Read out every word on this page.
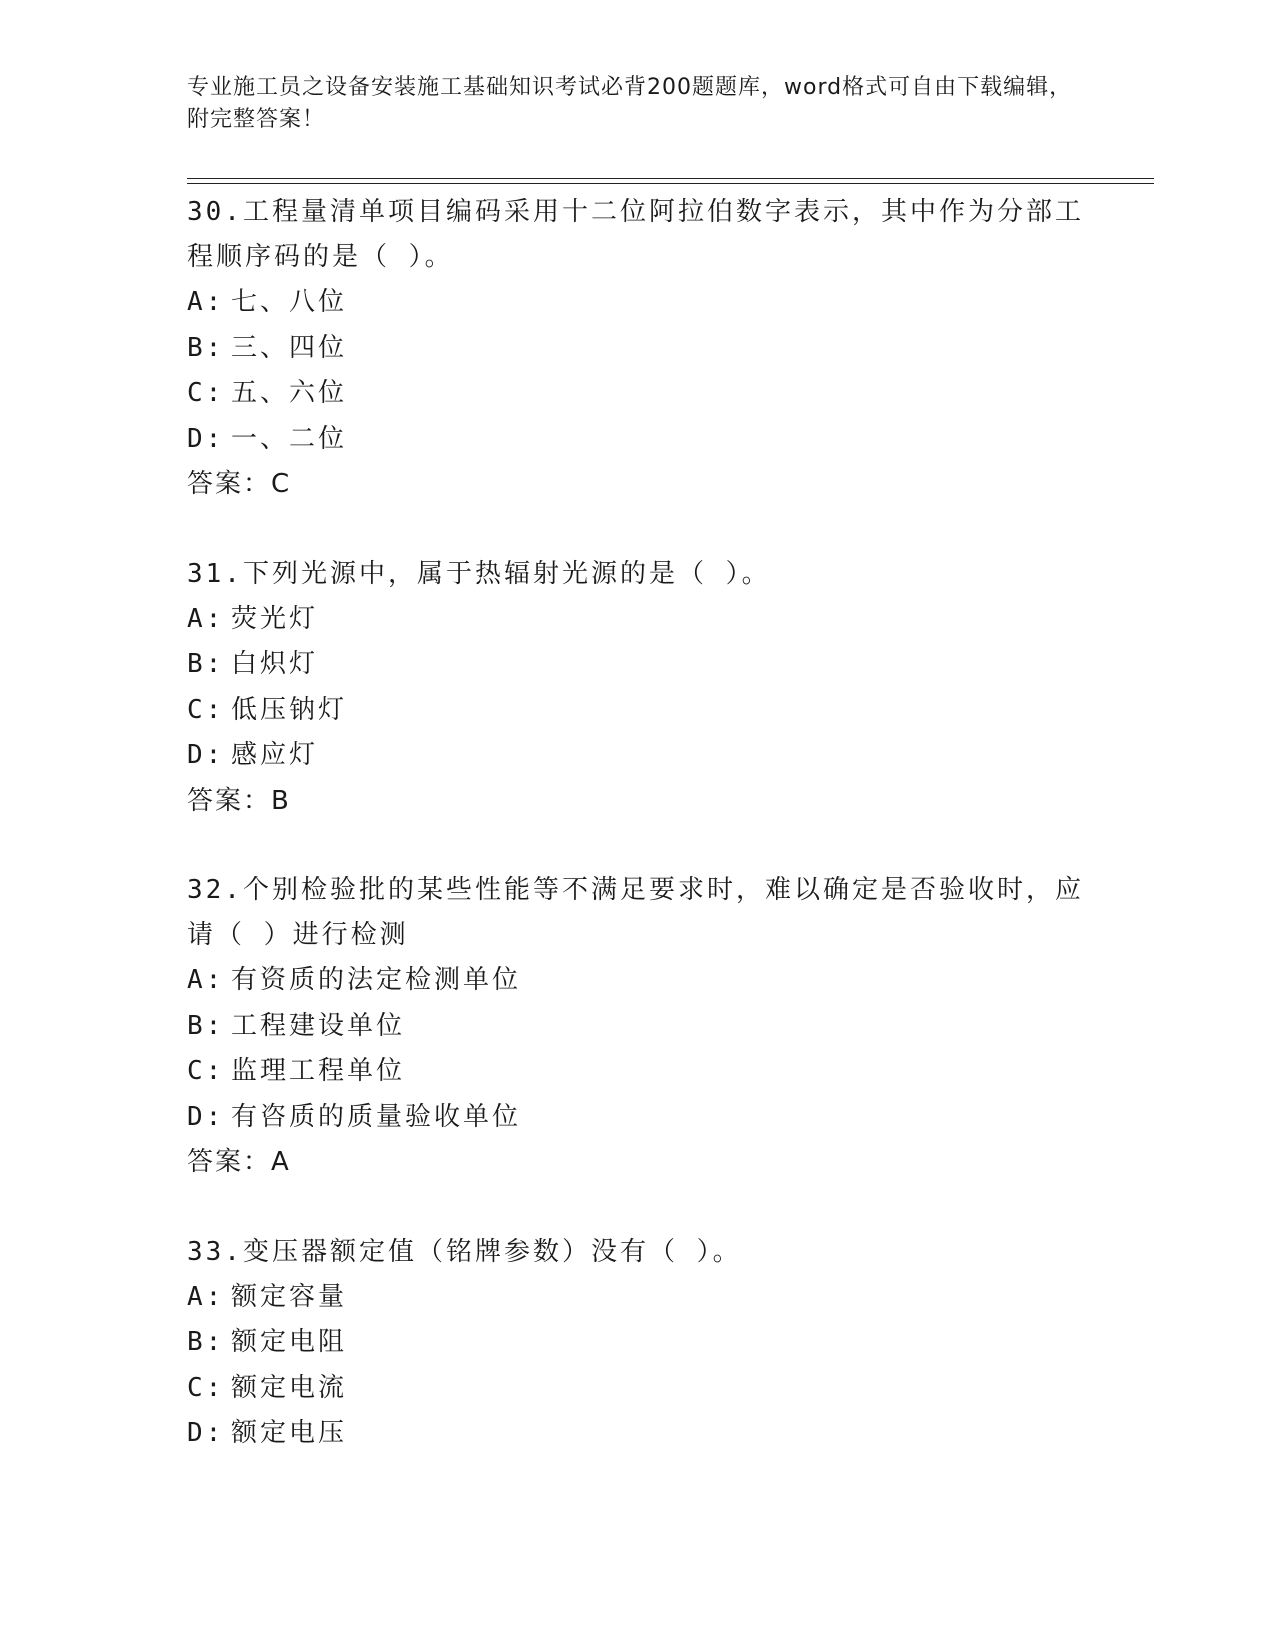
专业施工员之设备安装施工基础知识考试必背200题题库，word格式可自由下载编辑，附完整答案！

30.工程量清单项目编码采用十二位阿拉伯数字表示，其中作为分部工程顺序码的是（ ）。

A: 七、八位

B: 三、四位

C: 五、六位

D: 一、二位

答案：C

31.下列光源中，属于热辐射光源的是（ ）。

A: 荧光灯

B: 白炽灯

C: 低压钠灯

D: 感应灯

答案：B

32.个别检验批的某些性能等不满足要求时，难以确定是否验收时，应请（ ）进行检测

A: 有资质的法定检测单位

B: 工程建设单位

C: 监理工程单位

D: 有咨质的质量验收单位

答案：A

33.变压器额定值（铭牌参数）没有（ ）。

A: 额定容量

B: 额定电阻

C: 额定电流

D: 额定电压
